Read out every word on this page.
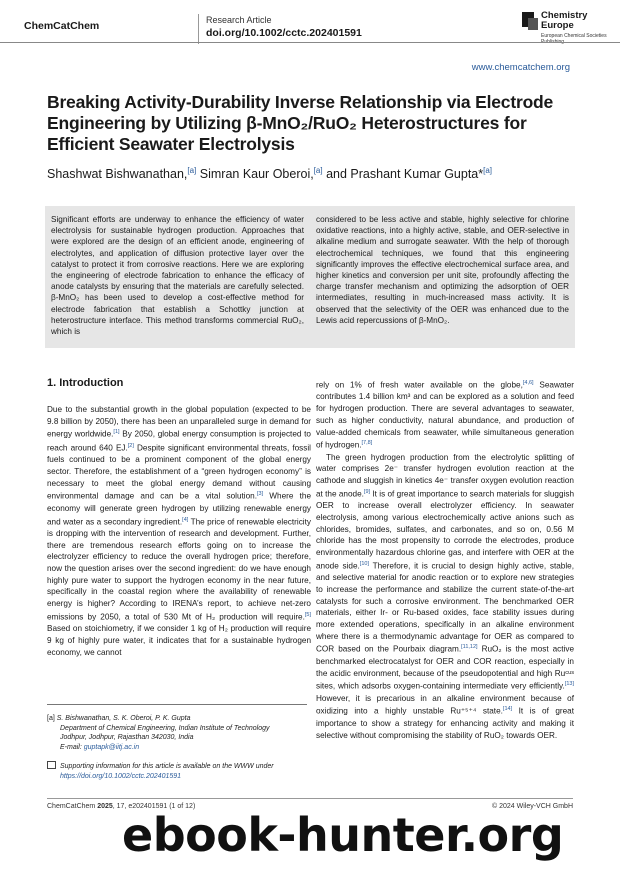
ChemCatChem	Research Article
doi.org/10.1002/cctc.202401591
Chemistry Europe
European Chemical Societies
www.chemcatchem.org
Breaking Activity-Durability Inverse Relationship via Electrode Engineering by Utilizing β-MnO₂/RuO₂ Heterostructures for Efficient Seawater Electrolysis
Shashwat Bishwanathan,[a] Simran Kaur Oberoi,[a] and Prashant Kumar Gupta*[a]

Significant efforts are underway to enhance the efficiency of water electrolysis for sustainable hydrogen production. Approaches that were explored are the design of an efficient anode, engineering of electrolytes, and application of diffusion protective layer over the catalyst to protect it from corrosive reactions. Here we are exploring the engineering of electrode fabrication to enhance the efficacy of anode catalysts by ensuring that the materials are carefully selected. β-MnO₂ has been used to develop a cost-effective method for electrode fabrication that establish a Schottky junction at heterostructure interface. This method transforms commercial RuO₂, which is

considered to be less active and stable, highly selective for chlorine oxidative reactions, into a highly active, stable, and OER-selective in alkaline medium and surrogate seawater. With the help of thorough electrochemical techniques, we found that this engineering significantly improves the effective electrochemical surface area, and higher kinetics and conversion per unit site, profoundly affecting the charge transfer mechanism and optimizing the adsorption of OER intermediates, resulting in much-increased mass activity. It is observed that the selectivity of the OER was enhanced due to the Lewis acid repercussions of β-MnO₂.

1. Introduction

Due to the substantial growth in the global population (expected to be 9.8 billion by 2050), there has been an unparalleled surge in demand for energy worldwide.[1] By 2050, global energy consumption is projected to reach around 640 EJ.[2] Despite significant environmental threats, fossil fuels continued to be a prominent component of the global energy sector. Therefore, the establishment of a “green hydrogen economy” is necessary to meet the global energy demand without causing environmental damage and can be a vital solution.[3] Where the economy will generate green hydrogen by utilizing renewable energy and water as a secondary ingredient.[4] The price of renewable electricity is dropping with the intervention of research and development. Further, there are tremendous research efforts going on to increase the electrolyzer efficiency to reduce the overall hydrogen price; therefore, now the question arises over the second ingredient: do we have enough highly pure water to support the hydrogen economy in the near future, specifically in the coastal region where the availability of renewable energy is higher? According to IRENA’s report, to achieve net-zero emissions by 2050, a total of 530 Mt of H₂ production will require.[5] Based on stoichiometry, if we consider 1 kg of H₂ production will require 9 kg of highly pure water, it indicates that for a sustainable hydrogen economy, we cannot

rely on 1% of fresh water available on the globe,[4,6] Seawater contributes 1.4 billion km³ and can be explored as a solution and feed for hydrogen production. There are several advantages to seawater, such as higher conductivity, natural abundance, and production of value-added chemicals from seawater, while simultaneous generation of hydrogen.[7,8]

The green hydrogen production from the electrolytic splitting of water comprises 2e⁻ transfer hydrogen evolution reaction at the cathode and sluggish in kinetics 4e⁻ transfer oxygen evolution reaction at the anode.[9] It is of great importance to search materials for sluggish OER to increase overall electrolyzer efficiency. In seawater electrolysis, among various electrochemically active anions such as chlorides, bromides, sulfates, and carbonates, and so on, 0.56 M chloride has the most propensity to corrode the electrodes, produce environmentally hazardous chlorine gas, and interfere with OER at the anode side.[10] Therefore, it is crucial to design highly active, stable, and selective material for anodic reaction or to explore new strategies to increase the performance and stabilize the current state-of-the-art catalysts for such a corrosive environment. The benchmarked OER materials, either Ir- or Ru-based oxides, face stability issues during more extended operations, specifically in an alkaline environment where there is a thermodynamic advantage for OER as compared to COR based on the Pourbaix diagram.[11,12] RuO₂ is the most active benchmarked electrocatalyst for OER and COR reaction, especially in the acidic environment, because of the pseudopotential and high Ruᶜᵘˢ sites, which adsorbs oxygen-containing intermediate very efficiently.[13] However, it is precarious in an alkaline environment because of oxidizing into a highly unstable Ru⁺⁵⁺⁴ state.[14] It is of great importance to show a strategy for enhancing activity and making it selective without compromising the stability of RuO₂ towards OER.

[a] S. Bishwanathan, S. K. Oberoi, P. K. Gupta
Department of Chemical Engineering, Indian Institute of Technology
Jodhpur, Jodhpur, Rajasthan 342030, India
E-mail: guptapk@iitj.ac.in
Supporting information for this article is available on the WWW under
https://doi.org/10.1002/cctc.202401591
ChemCatChem 2025, 17, e202401591 (1 of 12)	© 2024 Wiley-VCH GmbH
ebook-hunter.org
